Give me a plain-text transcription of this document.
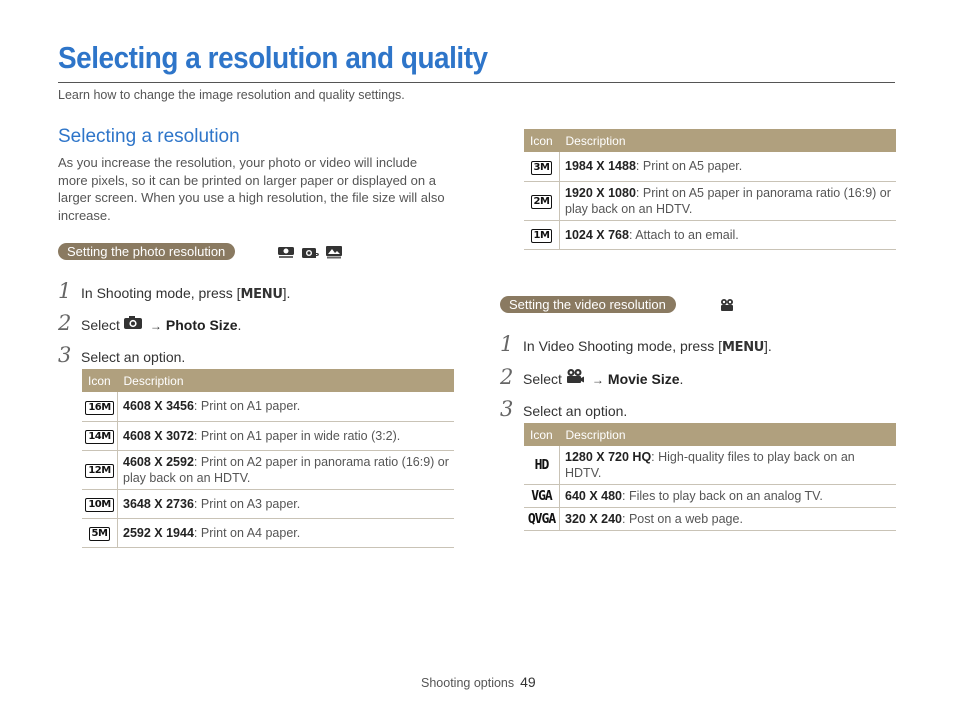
Selecting a resolution and quality
Learn how to change the image resolution and quality settings.
Selecting a resolution
As you increase the resolution, your photo or video will include more pixels, so it can be printed on larger paper or displayed on a larger screen. When you use a high resolution, the file size will also increase.
Setting the photo resolution	P
1 In Shooting mode, press [ MENU ].
2 Select	→ Photo Size .
3 Select an option.
Icon	Description
16M	4608 X 3456: Print on A1 paper.
14M	4608 X 3072: Print on A1 paper in wide ratio (3:2).
12M	4608 X 2592: Print on A2 paper in panorama ratio (16:9) or play back on an HDTV.
10M	3648 X 2736: Print on A3 paper.
5M	2592 X 1944: Print on A4 paper.
Icon	Description
3M	1984 X 1488: Print on A5 paper.
2M	1920 X 1080: Print on A5 paper in panorama ratio (16:9) or play back on an HDTV.
1M	1024 X 768: Attach to an email.
Setting the video resolution
1 In Video Shooting mode, press [ MENU ].
2 Select	→ Movie Size .
3 Select an option.
Icon	Description
HD	1280 X 720 HQ: High-quality files to play back on an HDTV.
VGA	640 X 480: Files to play back on an analog TV.
QVGA	320 X 240: Post on a web page.
Shooting options 49
